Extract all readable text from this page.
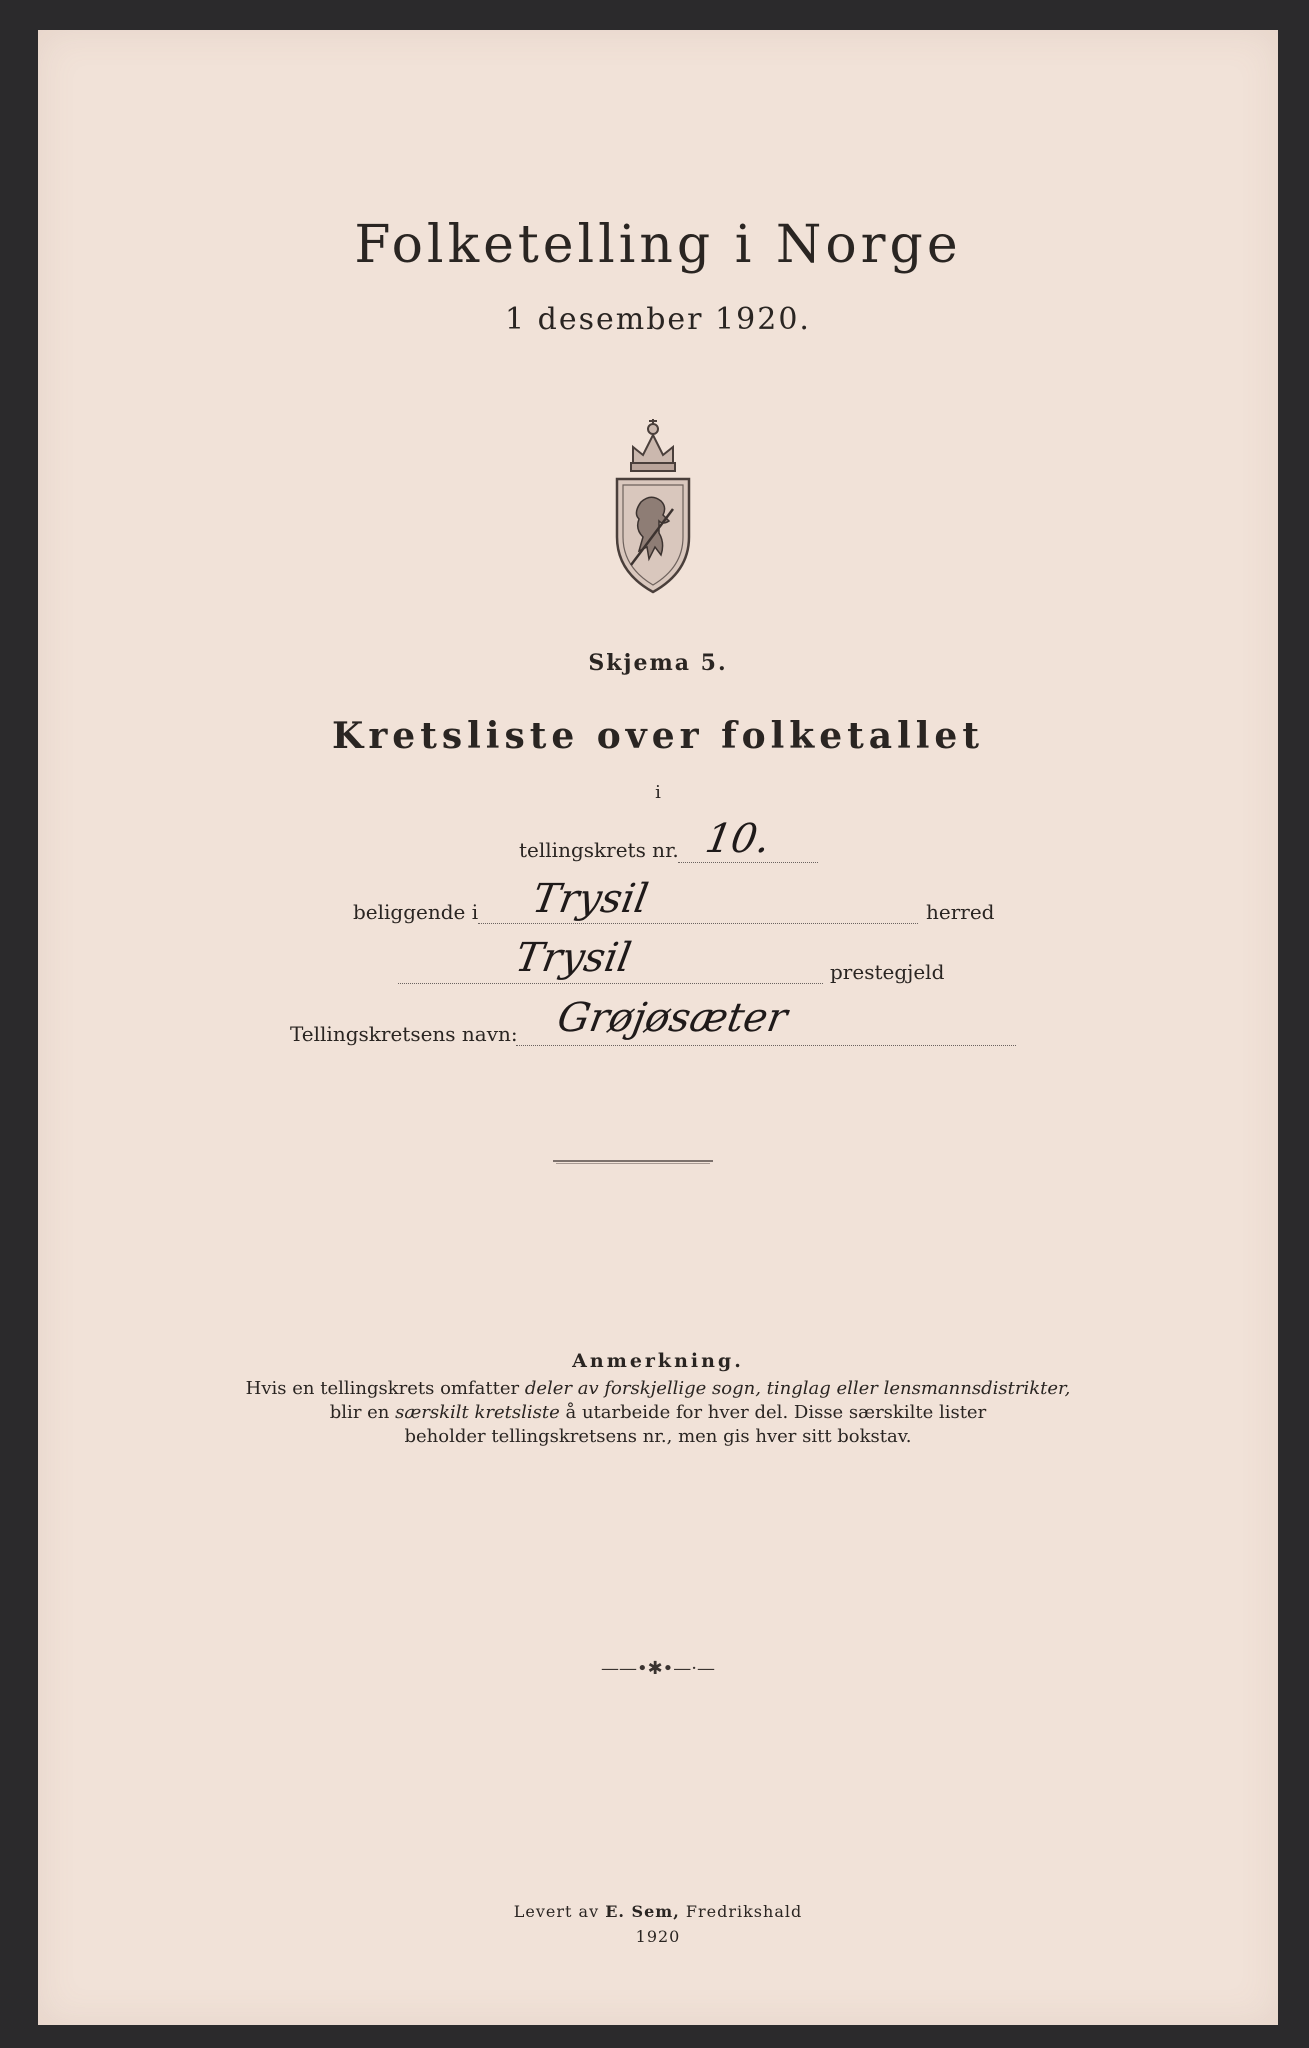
Folketelling i Norge
1 desember 1920.
Skjema 5.
Kretsliste over folketallet
i
tellingskrets nr. 10.
beliggende i Trysil	herred
Trysil	prestegjeld
Tellingskretsens navn: Grøjøsæter
Anmerkning.
Hvis en tellingskrets omfatter deler av forskjellige sogn, tinglag eller lensmannsdistrikter,
blir en særskilt kretsliste å utarbeide for hver del. Disse særskilte lister
beholder tellingskretsens nr., men gis hver sitt bokstav.
——•✱•—·—
Levert av E. Sem, Fredrikshald
1920
